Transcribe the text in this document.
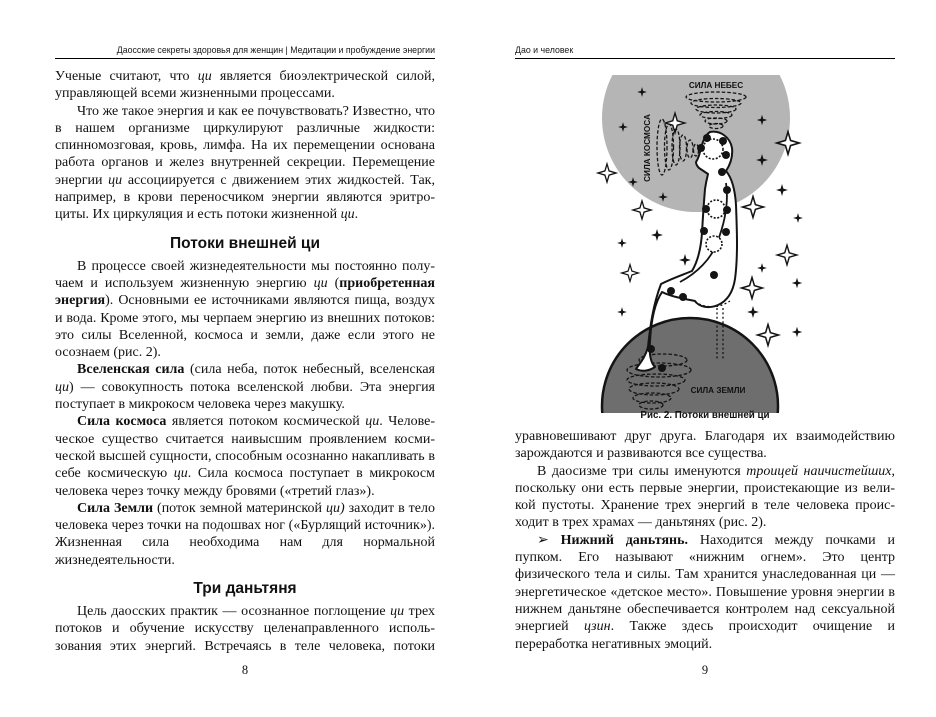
Даосские секреты здоровья для женщин | Медитации и пробуждение энергии

Ученые считают, что ци является биоэлектрической силой, управляющей всеми жизненными процессами.

Что же такое энергия и как ее почувствовать? Известно, что в нашем организме циркулируют различные жидкости: спинномозговая, кровь, лимфа. На их перемещении основана работа органов и желез внутренней секреции. Перемещение энергии ци ассоциируется с движением этих жидкостей. Так, например, в крови переносчиком энергии являются эритроциты. Их циркуляция и есть потоки жизненной ци.

Потоки внешней ци

В процессе своей жизнедеятельности мы постоянно получаем и используем жизненную энергию ци (приобретенная энергия). Основными ее источниками являются пища, воздух и вода. Кроме этого, мы черпаем энергию из внешних потоков: это силы Вселенной, космоса и земли, даже если этого не осознаем (рис. 2).

Вселенская сила (сила неба, поток небесный, вселенская ци) — совокупность потока вселенской любви. Эта энергия поступает в микрокосм человека через макушку.

Сила космоса является потоком космической ци. Человеческое существо считается наивысшим проявлением космической высшей сущности, способным осознанно накапливать в себе космическую ци. Сила космоса поступает в микрокосм человека через точку между бровями («третий глаз»).

Сила Земли (поток земной материнской ци) заходит в тело человека через точки на подошвах ног («Бурлящий источник»). Жизненная сила необходима нам для нормальной жизнедеятельности.

Три даньтяня

Цель даосских практик — осознанное поглощение ци трех потоков и обучение искусству целенаправленного использования этих энергий. Встречаясь в теле человека, потоки

8
Дао и человек
СИЛА НЕБЕС
СИЛА КОСМОСА
СИЛА ЗЕМЛИ
Рис. 2. Потоки внешней ци

уравновешивают друг друга. Благодаря их взаимодействию зарождаются и развиваются все существа.

В даосизме три силы именуются троицей наичистейших, поскольку они есть первые энергии, проистекающие из великой пустоты. Хранение трех энергий в теле человека происходит в трех храмах — даньтянях (рис. 2).

➢ Нижний даньтянь. Находится между почками и пупком. Его называют «нижним огнем». Это центр физического тела и силы. Там хранится унаследованная ци — энергетическое «детское место». Повышение уровня энергии в нижнем даньтяне обеспечивается контролем над сексуальной энергией цзин. Также здесь происходит очищение и переработка негативных эмоций.

9
